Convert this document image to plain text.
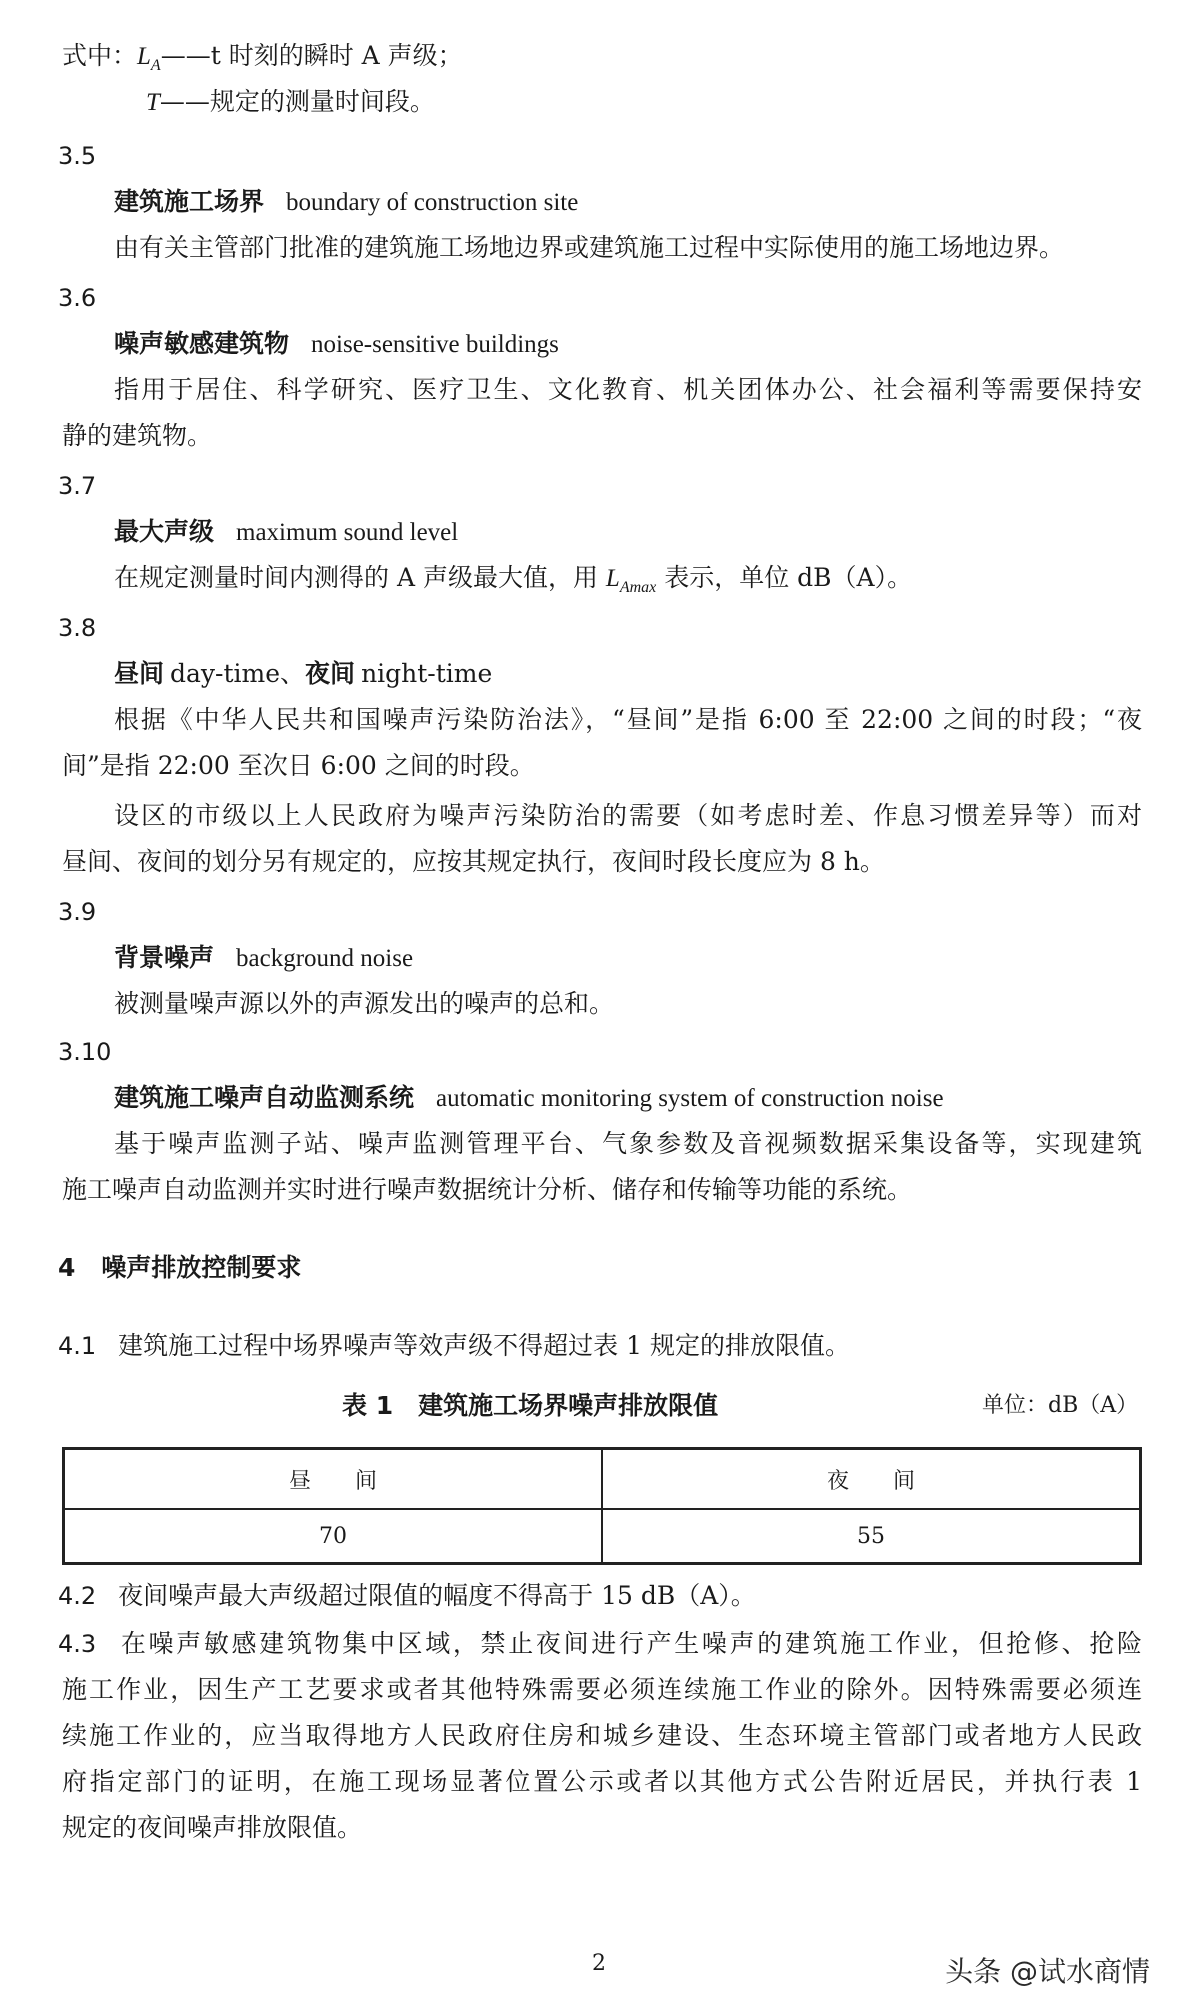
式中：$L_A——t$ 时刻的瞬时 A 声级；
T——规定的测量时间段。
3.5
建筑施工场界 boundary of construction site
由有关主管部门批准的建筑施工场地边界或建筑施工过程中实际使用的施工场地边界。
3.6
噪声敏感建筑物 noise-sensitive buildings
指用于居住、科学研究、医疗卫生、文化教育、机关团体办公、社会福利等需要保持安
静的建筑物。
3.7
最大声级 maximum sound level
在规定测量时间内测得的 A 声级最大值，用 $L_{Amax}$ 表示，单位 dB（A）。
3.8
昼间 day-time、夜间 night-time
根据《中华人民共和国噪声污染防治法》，“昼间”是指 6:00 至 22:00 之间的时段；“夜
间”是指 22:00 至次日 6:00 之间的时段。
设区的市级以上人民政府为噪声污染防治的需要（如考虑时差、作息习惯差异等）而对
昼间、夜间的划分另有规定的，应按其规定执行，夜间时段长度应为 8 h。
3.9
背景噪声 background noise
被测量噪声源以外的声源发出的噪声的总和。
3.10
建筑施工噪声自动监测系统 automatic monitoring system of construction noise
基于噪声监测子站、噪声监测管理平台、气象参数及音视频数据采集设备等，实现建筑
施工噪声自动监测并实时进行噪声数据统计分析、储存和传输等功能的系统。
4 噪声排放控制要求
4.1 建筑施工过程中场界噪声等效声级不得超过表 1 规定的排放限值。
表 1　建筑施工场界噪声排放限值	单位：dB（A）
昼　　间	夜　　间
70	55
4.2 夜间噪声最大声级超过限值的幅度不得高于 15 dB（A）。
4.3 在噪声敏感建筑物集中区域，禁止夜间进行产生噪声的建筑施工作业，但抢修、抢险
施工作业，因生产工艺要求或者其他特殊需要必须连续施工作业的除外。因特殊需要必须连
续施工作业的，应当取得地方人民政府住房和城乡建设、生态环境主管部门或者地方人民政
府指定部门的证明，在施工现场显著位置公示或者以其他方式公告附近居民，并执行表 1
规定的夜间噪声排放限值。
2	头条 @试水商情
